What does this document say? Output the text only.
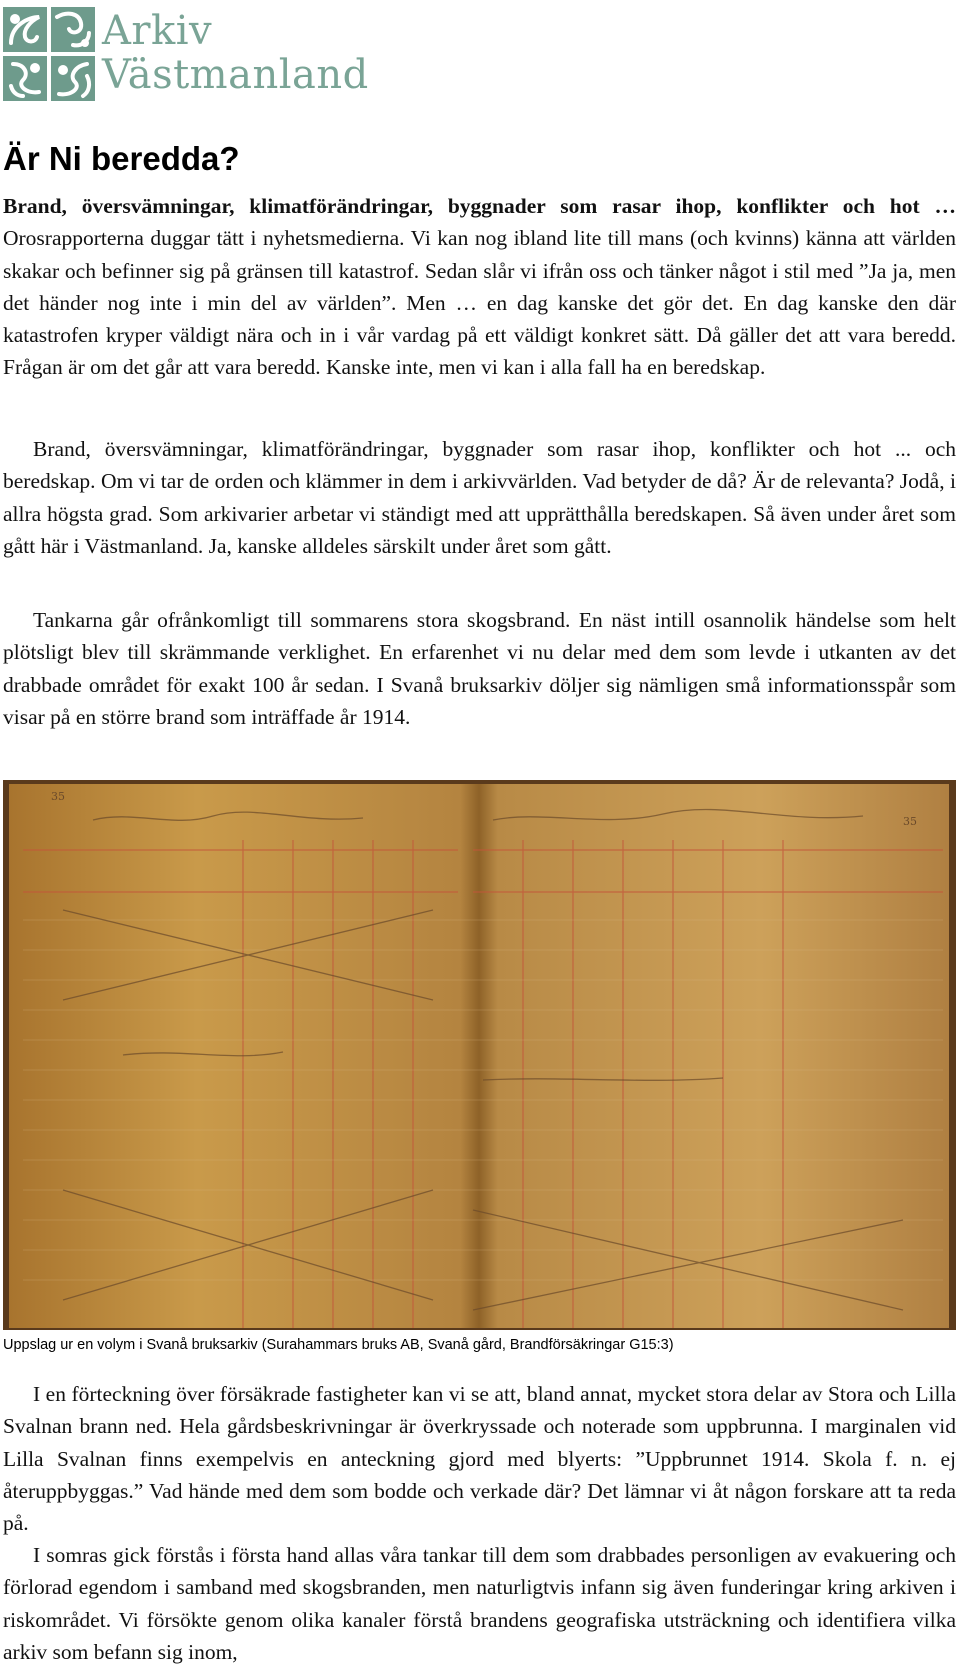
Arkiv
Västmanland
Är Ni beredda?

Brand, översvämningar, klimatförändringar, byggnader som rasar ihop, konflikter och hot … Orosrapporterna duggar tätt i nyhetsmedierna. Vi kan nog ibland lite till mans (och kvinns) känna att världen skakar och befinner sig på gränsen till katastrof. Sedan slår vi ifrån oss och tänker något i stil med ”Ja ja, men det händer nog inte i min del av världen”. Men … en dag kanske det gör det. En dag kanske den där katastrofen kryper väldigt nära och in i vår vardag på ett väldigt konkret sätt. Då gäller det att vara beredd. Frågan är om det går att vara beredd. Kanske inte, men vi kan i alla fall ha en beredskap.

Brand, översvämningar, klimatförändringar, byggnader som rasar ihop, konflikter och hot ... och beredskap. Om vi tar de orden och klämmer in dem i arkivvärlden. Vad betyder de då? Är de relevanta? Jodå, i allra högsta grad. Som arkivarier arbetar vi ständigt med att upprätthålla beredskapen. Så även under året som gått här i Västmanland. Ja, kanske alldeles särskilt under året som gått.

Tankarna går ofrånkomligt till sommarens stora skogsbrand. En näst intill osannolik händelse som helt plötsligt blev till skrämmande verklighet. En erfarenhet vi nu delar med dem som levde i utkanten av det drabbade området för exakt 100 år sedan. I Svanå bruksarkiv döljer sig nämligen små informationsspår som visar på en större brand som inträffade år 1914.

35
35
Uppslag ur en volym i Svanå bruksarkiv (Surahammars bruks AB, Svanå gård, Brandförsäkringar G15:3)

I en förteckning över försäkrade fastigheter kan vi se att, bland annat, mycket stora delar av Stora och Lilla Svalnan brann ned. Hela gårdsbeskrivningar är överkryssade och noterade som uppbrunna. I marginalen vid Lilla Svalnan finns exempelvis en anteckning gjord med blyerts: ”Uppbrunnet 1914. Skola f. n. ej återuppbyggas.” Vad hände med dem som bodde och verkade där? Det lämnar vi åt någon forskare att ta reda på.

I somras gick förstås i första hand allas våra tankar till dem som drabbades personligen av evakuering och förlorad egendom i samband med skogsbranden, men naturligtvis infann sig även funderingar kring arkiven i riskområdet. Vi försökte genom olika kanaler förstå brandens geografiska utsträckning och identifiera vilka arkiv som befann sig inom,
